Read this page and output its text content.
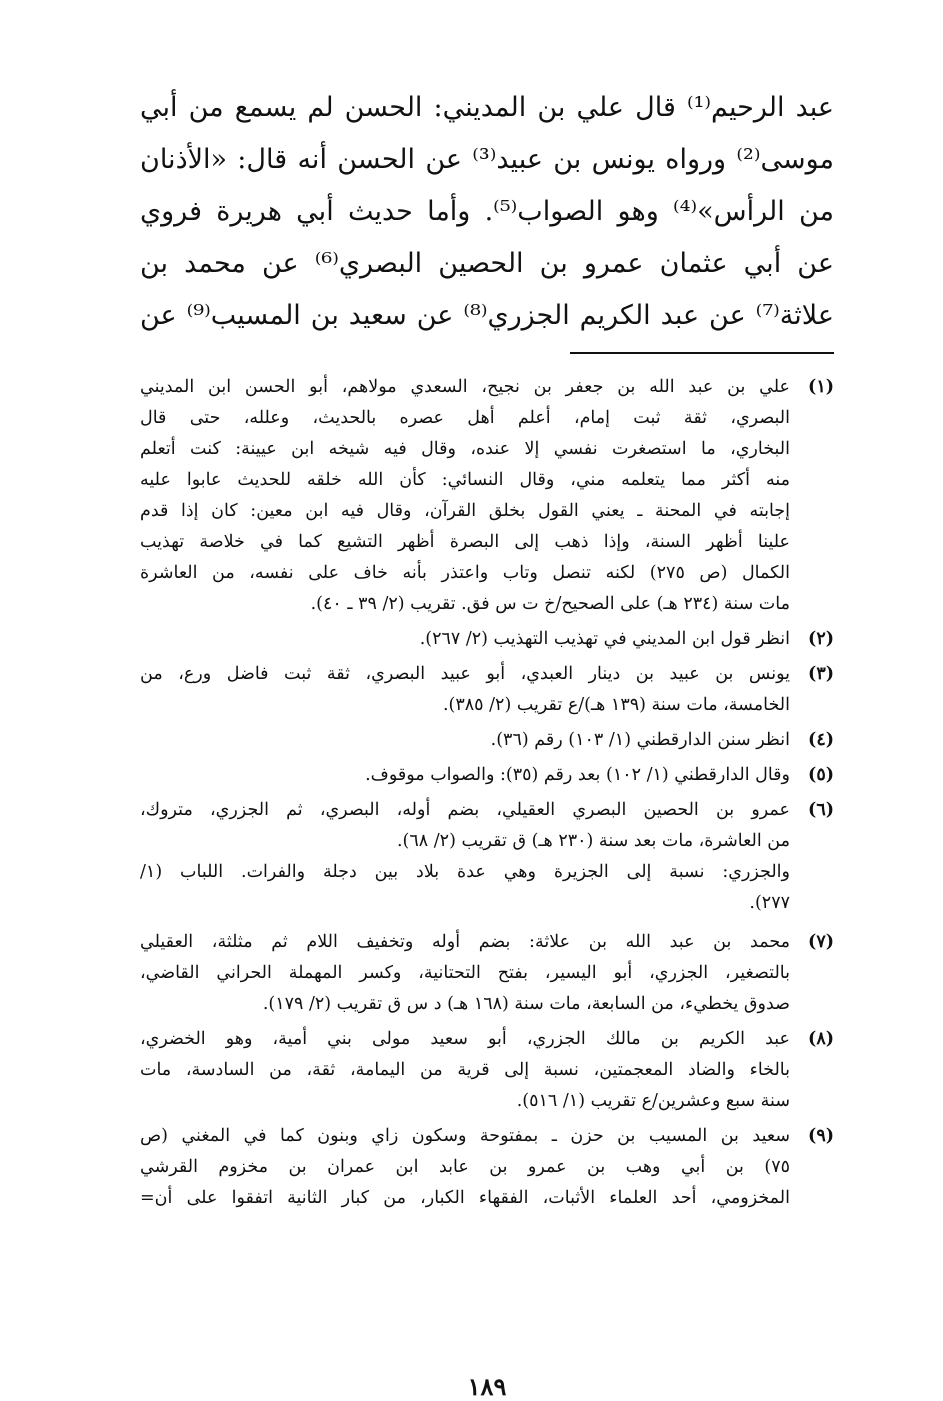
عبد الرحيم⁽¹⁾ قال علي بن المديني: الحسن لم يسمع من أبي
موسى⁽²⁾ ورواه يونس بن عبيد⁽³⁾ عن الحسن أنه قال: «الأذنان
من الرأس»⁽⁴⁾ وهو الصواب⁽⁵⁾. وأما حديث أبي هريرة فروي
عن أبي عثمان عمرو بن الحصين البصري⁽⁶⁾ عن محمد بن
علاثة⁽⁷⁾ عن عبد الكريم الجزري⁽⁸⁾ عن سعيد بن المسيب⁽⁹⁾ عن

(١)
علي بن عبد الله بن جعفر بن نجيح، السعدي مولاهم، أبو الحسن ابن المديني
البصري، ثقة ثبت إمام، أعلم أهل عصره بالحديث، وعلله، حتى قال
البخاري، ما استصغرت نفسي إلا عنده، وقال فيه شيخه ابن عيينة: كنت أتعلم
منه أكثر مما يتعلمه مني، وقال النسائي: كأن الله خلقه للحديث عابوا عليه
إجابته في المحنة ـ يعني القول بخلق القرآن، وقال فيه ابن معين: كان إذا قدم
علينا أظهر السنة، وإذا ذهب إلى البصرة أظهر التشيع كما في خلاصة تهذيب
الكمال (ص ٢٧٥) لكنه تنصل وتاب واعتذر بأنه خاف على نفسه، من العاشرة
مات سنة (٢٣٤ هـ) على الصحيح/خ ت س فق. تقريب (٢/ ٣٩ ـ ٤٠).
(٢)
انظر قول ابن المديني في تهذيب التهذيب (٢/ ٢٦٧).
(٣)
يونس بن عبيد بن دينار العبدي، أبو عبيد البصري، ثقة ثبت فاضل ورع، من
الخامسة، مات سنة (١٣٩ هـ)/ع تقريب (٢/ ٣٨٥).
(٤)
انظر سنن الدارقطني (١/ ١٠٣) رقم (٣٦).
(٥)
وقال الدارقطني (١/ ١٠٢) بعد رقم (٣٥): والصواب موقوف.
(٦)
عمرو بن الحصين البصري العقيلي، بضم أوله، البصري، ثم الجزري، متروك،
من العاشرة، مات بعد سنة (٢٣٠ هـ) ق تقريب (٢/ ٦٨).
والجزري: نسبة إلى الجزيرة وهي عدة بلاد بين دجلة والفرات. اللباب (١/
٢٧٧).
(٧)
محمد بن عبد الله بن علاثة: بضم أوله وتخفيف اللام ثم مثلثة، العقيلي
بالتصغير، الجزري، أبو اليسير، بفتح التحتانية، وكسر المهملة الحراني القاضي،
صدوق يخطيء، من السابعة، مات سنة (١٦٨ هـ) د س ق تقريب (٢/ ١٧٩).
(٨)
عبد الكريم بن مالك الجزري، أبو سعيد مولى بني أمية، وهو الخضري،
بالخاء والضاد المعجمتين، نسبة إلى قرية من اليمامة، ثقة، من السادسة، مات
سنة سبع وعشرين/ع تقريب (١/ ٥١٦).
(٩)
سعيد بن المسيب بن حزن ـ بمفتوحة وسكون زاي وبنون كما في المغني (ص
٧٥) بن أبي وهب بن عمرو بن عابد ابن عمران بن مخزوم القرشي
المخزومي، أحد العلماء الأثبات، الفقهاء الكبار، من كبار الثانية اتفقوا على أن=
١٨٩
